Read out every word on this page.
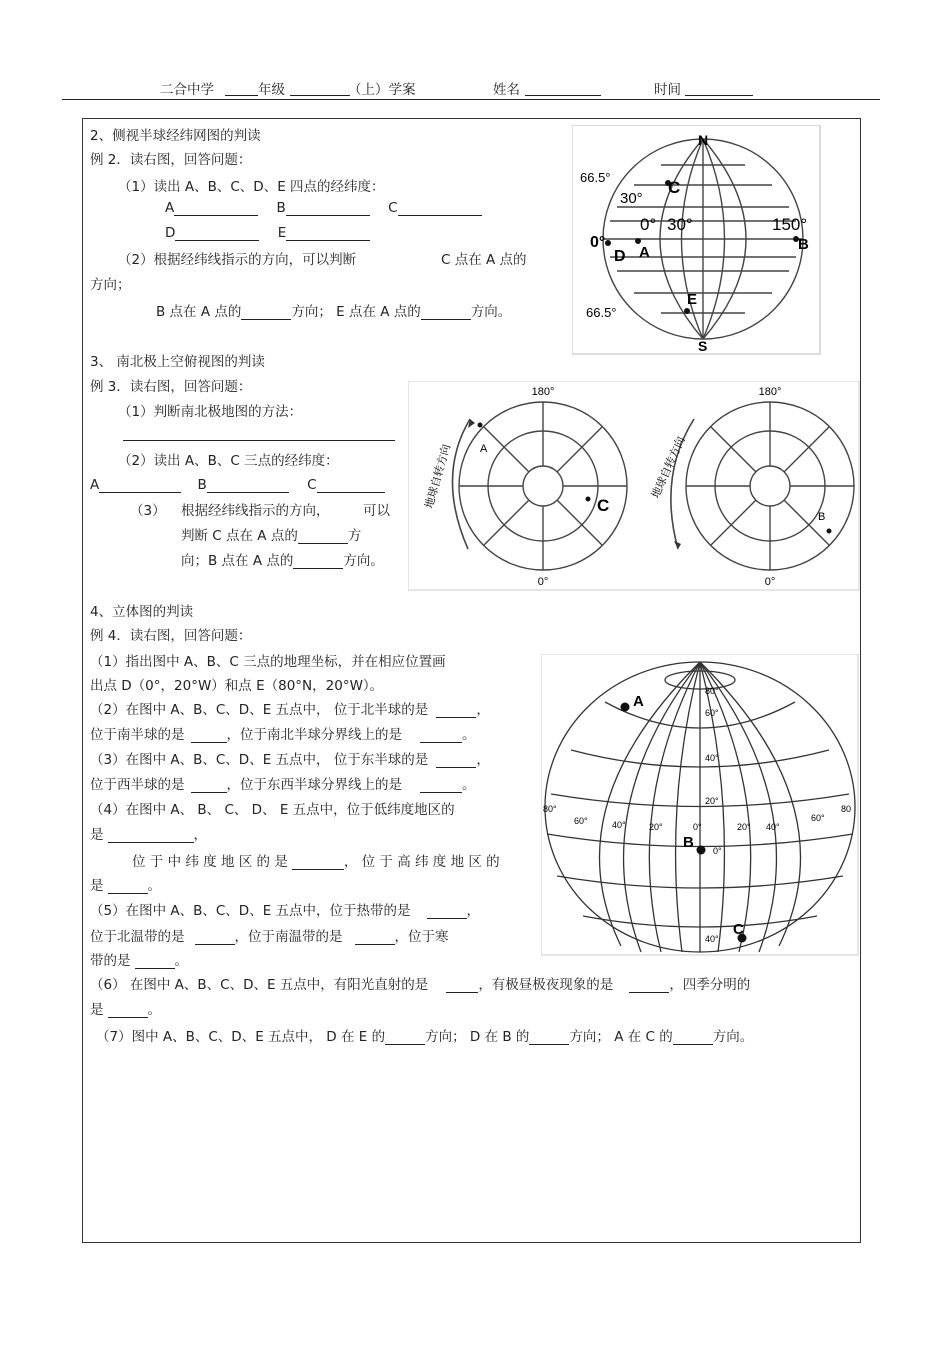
二合中学	年级	（上）学案	姓名	时间
2、侧视半球经纬网图的判读
例 2．读右图，回答问题：
（1）读出 A、B、C、D、E 四点的经纬度：
A	B	C
D	E
（2）根据经纬线指示的方向，可以判断	C 点在 A 点的
方向；
B 点在 A 点的	方向； E 点在 A 点的	方向。
N
S
66.5°
66.5°
30°
0° 30°	150°
0°
A	B
C
D
E
3、 南北极上空俯视图的判读
例 3．读右图，回答问题：
（1）判断南北极地图的方法：
（2）读出 A、B、C 三点的经纬度：
A	B	C
（3） 根据经纬线指示的方向， 可以
判断 C 点在 A 点的	方
向；B 点在 A 点的	方向。
180°
0°
地球自转方向 A
C
180°
0°
地球自转方向
B
4、立体图的判读
例 4．读右图，回答问题：
（1）指出图中 A、B、C 三点的地理坐标，并在相应位置画
出点 D（0°，20°W）和点 E（80°N，20°W）。
（2）在图中 A、B、C、D、E 五点中， 位于北半球的是	，
位于南半球的是	，位于南北半球分界线上的是	。
（3）在图中 A、B、C、D、E 五点中， 位于东半球的是	，
位于西半球的是	，位于东西半球分界线上的是	。
（4）在图中 A、 B、 C、 D、 E 五点中，位于低纬度地区的
是	，
位 于 中 纬 度 地 区 的 是	， 位 于 高 纬 度 地 区 的
是	。
（5）在图中 A、B、C、D、E 五点中，位于热带的是	，
位于北温带的是	，位于南温带的是	，位于寒
带的是	。
（6） 在图中 A、B、C、D、E 五点中，有阳光直射的是	，有极昼极夜现象的是	，四季分明的
是	。
（7）图中 A、B、C、D、E 五点中， D 在 E 的	方向； D 在 B 的	方向； A 在 C 的	方向。
A
B
C
80°
60°
40°
20°
0°
40°
80°
60°	40°	20°	0°	20° 40°
60°
80
